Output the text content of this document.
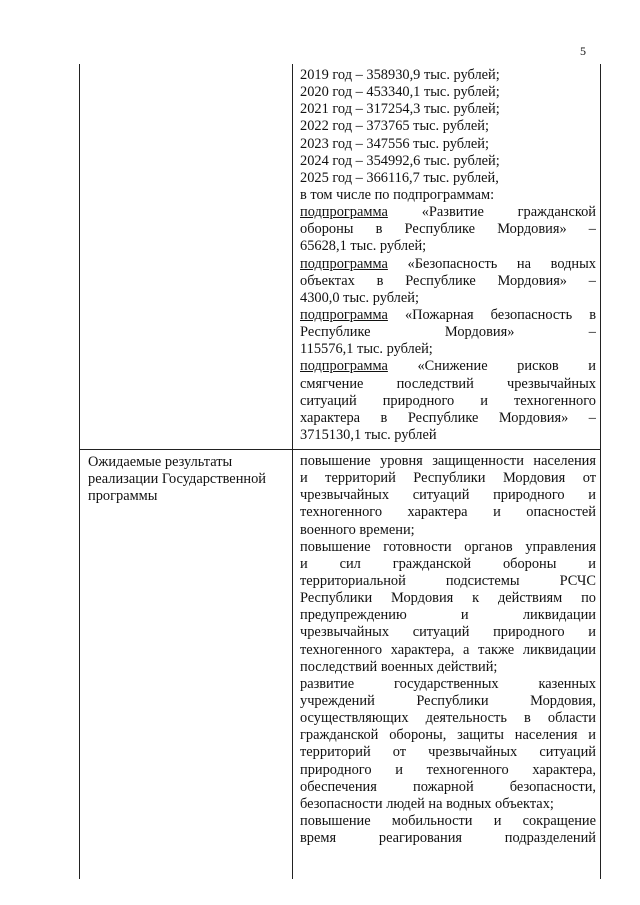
5
Ожидаемые результаты
реализации Государственной
программы
2019 год – 358930,9 тыс. рублей;
2020 год – 453340,1 тыс. рублей;
2021 год – 317254,3 тыс. рублей;
2022 год – 373765 тыс. рублей;
2023 год – 347556 тыс. рублей;
2024 год – 354992,6 тыс. рублей;
2025 год – 366116,7 тыс. рублей,
в том числе по подпрограммам:
подпрограмма «Развитие гражданской
обороны в Республике Мордовия» –
65628,1 тыс. рублей;
подпрограмма «Безопасность на водных
объектах в Республике Мордовия» –
4300,0 тыс. рублей;
подпрограмма «Пожарная безопасность в
Республике Мордовия» –
115576,1 тыс. рублей;
подпрограмма «Снижение рисков и
смягчение последствий чрезвычайных
ситуаций природного и техногенного
характера в Республике Мордовия» –
3715130,1 тыс. рублей
повышение уровня защищенности населения
и территорий Республики Мордовия от
чрезвычайных ситуаций природного и
техногенного характера и опасностей
военного времени;
повышение готовности органов управления
и сил гражданской обороны и
территориальной подсистемы РСЧС
Республики Мордовия к действиям по
предупреждению и ликвидации
чрезвычайных ситуаций природного и
техногенного характера, а также ликвидации
последствий военных действий;
развитие государственных казенных
учреждений Республики Мордовия,
осуществляющих деятельность в области
гражданской обороны, защиты населения и
территорий от чрезвычайных ситуаций
природного и техногенного характера,
обеспечения пожарной безопасности,
безопасности людей на водных объектах;
повышение мобильности и сокращение
время реагирования подразделений
